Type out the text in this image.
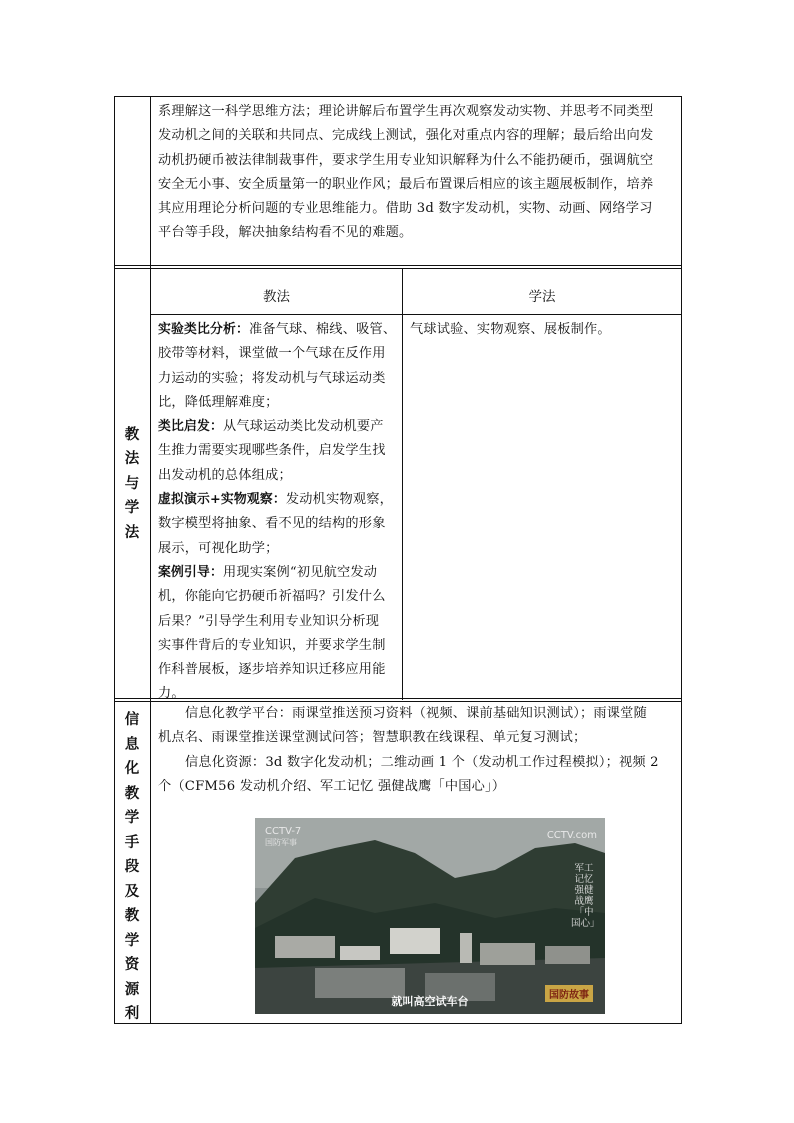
系理解这一科学思维方法；理论讲解后布置学生再次观察发动实物、并思考不同类型
发动机之间的关联和共同点、完成线上测试，强化对重点内容的理解；最后给出向发
动机扔硬币被法律制裁事件，要求学生用专业知识解释为什么不能扔硬币，强调航空
安全无小事、安全质量第一的职业作风；最后布置课后相应的该主题展板制作，培养
其应用理论分析问题的专业思维能力。借助 3d 数字发动机，实物、动画、网络学习
平台等手段，解决抽象结构看不见的难题。
教
法
与
学
法
教法	学法
实验类比分析：准备气球、棉线、吸管、
胶带等材料，课堂做一个气球在反作用
力运动的实验；将发动机与气球运动类
比，降低理解难度；
类比启发：从气球运动类比发动机要产
生推力需要实现哪些条件，启发学生找
出发动机的总体组成；
虚拟演示+实物观察：发动机实物观察，
数字模型将抽象、看不见的结构的形象
展示，可视化助学；
案例引导：用现实案例“初见航空发动
机，你能向它扔硬币祈福吗？引发什么
后果？”引导学生利用专业知识分析现
实事件背后的专业知识，并要求学生制
作科普展板，逐步培养知识迁移应用能
力。
气球试验、实物观察、展板制作。
信
息
化
教
学
手
段
及
教
学
资
源
利
信息化教学平台：雨课堂推送预习资料（视频、课前基础知识测试）；雨课堂随
机点名、雨课堂推送课堂测试问答；智慧职教在线课程、单元复习测试；
信息化资源：3d 数字化发动机；二维动画 1 个（发动机工作过程模拟）；视频 2
个（CFM56 发动机介绍、军工记忆 强健战鹰「中国心」）
CCTV-7
国防军事
CCTV.com
军工记忆 强健战鹰「中国心」
就叫高空试车台	国防故事
